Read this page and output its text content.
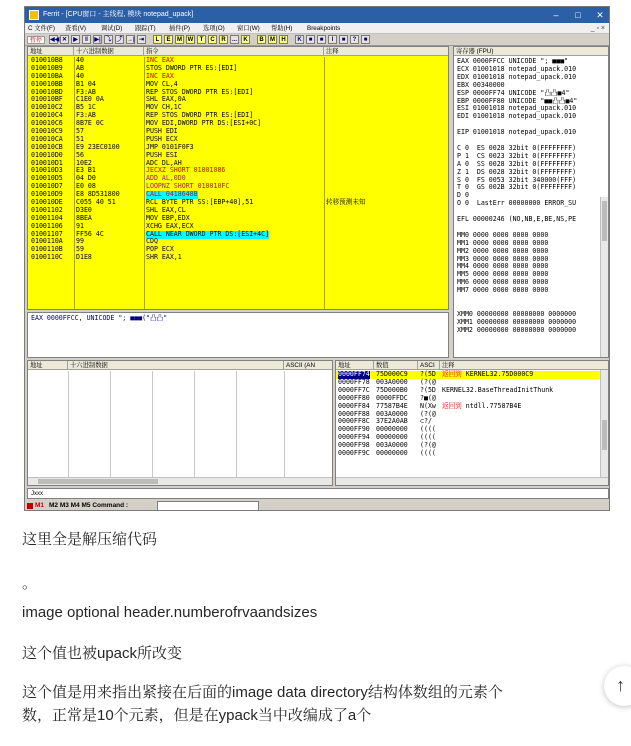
Ferrit - [CPU窗口 - 主线程, 模块 notepad_upack]	–	□	✕
C 文件(F) 查看(V) 调试(D) 跟踪(T) 插件(P) 选项(O) 窗口(W) 帮助(H) Breakpoints	_ ▫ ×
暂停	◀◀ ✕	▶	‖	▶| ⤵ ⤴ →| ⇥	L	E	M W	T	C	R	...	K	B	M	H	K	■	■	I	■	?	■
地址	十六进制数据	指令	注释
010010B8 40	INC EAX
010010B9 AB	STOS DWORD PTR ES:[EDI]
010010BA 40	INC EAX
010010BB B1 04	MOV CL,4
010010BD F3:AB	REP STOS DWORD PTR ES:[EDI]
010010BF C1E0 0A	SHL EAX,0A
010010C2 B5 1C	MOV CH,1C
010010C4 F3:AB	REP STOS DWORD PTR ES:[EDI]
010010C6 8B7E 0C	MOV EDI,DWORD PTR DS:[ESI+0C]
010010C9 57	PUSH EDI
010010CA 51	PUSH ECX
010010CB E9 23EC0100	JMP 0101F0F3
010010D0 56	PUSH ESI
010010D1 10E2	ADC DL,AH
010010D3 E3 B1	JECXZ SHORT 01001086
010010D5 04 D0	ADD AL,0D0
010010D7 E0 08	LOOPNZ SHORT 010010FC
010010D9 E8 8D531800	CALL 0418648B
010010DE C055 40 51	RCL BYTE PTR SS:[EBP+40],51	转移预测未知
01001102 D3E0	SHL EAX,CL
01001104 8BEA	MOV EBP,EDX
01001106 91	XCHG EAX,ECX
01001107 FF56 4C	CALL NEAR DWORD PTR DS:[ESI+4C]
0100110A 99	CDQ
0100110B 59	POP ECX
0100110C D1E8	SHR EAX,1
寄存器 (FPU)
EAX 0000FFCC UNICODE "; ■■■"
ECX 01001018 notepad_upack.010
EDX 01001018 notepad_upack.010
EBX 00340000
ESP 0000FF74 UNICODE "凸凸■4"
EBP 0000FF80 UNICODE "■■凸凸■4"
ESI 01001018 notepad_upack.010
EDI 01001018 notepad_upack.010
EIP 01001018 notepad_upack.010
C 0  ES 0028 32bit 0(FFFFFFFF)
P 1  CS 0023 32bit 0(FFFFFFFF)
A 0  SS 0028 32bit 0(FFFFFFFF)
Z 1  DS 0028 32bit 0(FFFFFFFF)
S 0  FS 0053 32bit 340000(FFF)
T 0  GS 002B 32bit 0(FFFFFFFF)
D 0
O 0  LastErr 00000000 ERROR_SU
EFL 00000246 (NO,NB,E,BE,NS,PE
MM0 0000 0000 0000 0000
MM1 0000 0000 0000 0000
MM2 0000 0000 0000 0000
MM3 0000 0000 0000 0000
MM4 0000 0000 0000 0000
MM5 0000 0000 0000 0000
MM6 0000 0000 0000 0000
MM7 0000 0000 0000 0000
XMM0 00000000 00000000 0000000
XMM1 00000000 00000000 0000000
XMM2 00000000 00000000 0000000
EAX 0000FFCC, UNICODE "; ■■■("凸凸"
地址	十六进制数据	ASCII (AN	地址	数值	ASCI	注释
0000FF74 75D000C9 ?(5D 返回到 KERNEL32.75D000C9
0000FF78 003A0000 (?(@
0000FF7C 75D000B0 ?(5D KERNEL32.BaseThreadInitThunk
0000FF80 0000FFDC ?■(@
0000FF84 77587B4E N(Xw 返回到 ntdll.77587B4E
0000FF88 003A0000 (?(@
0000FF8C 37E2A0AB ⊂?/
0000FF90 00000000 ((((
0000FF94 00000000 ((((
0000FF98 003A0000 (?(@
0000FF9C 00000000 ((((
Jxxx
M1 M2 M3 M4 M5 Command :
这里全是解压缩代码
。
image optional header.numberofrvaandsizes
这个值也被upack所改变
这个值是用来指出紧接在后面的image data directory结构体数组的元素个
数，正常是10个元素，但是在ypack当中改编成了a个
↑
